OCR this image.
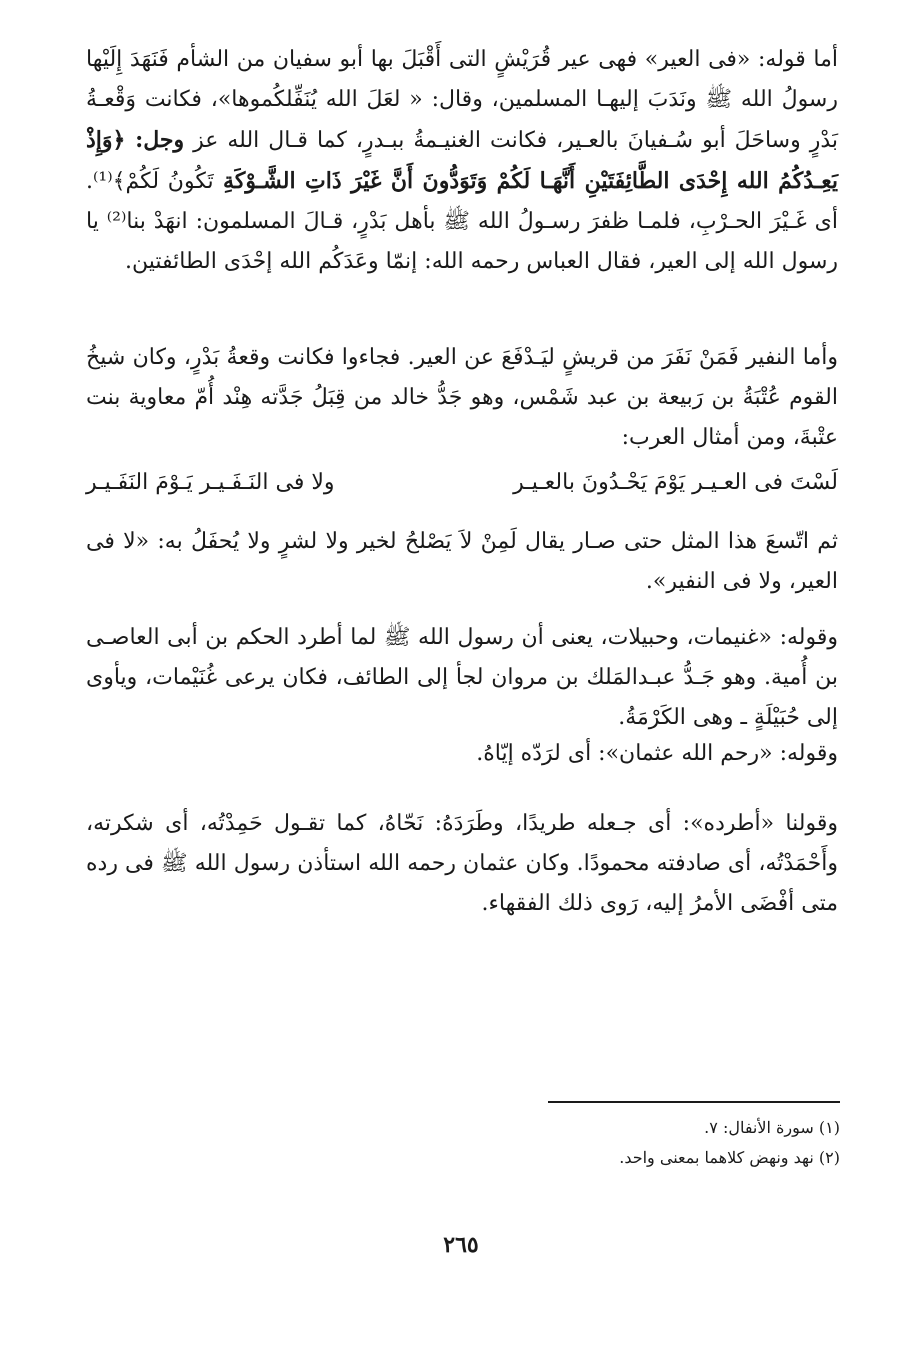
أما قوله: «فى العير» فهى عير قُرَيْشٍ التى أَقْبَلَ بها أبو سفيان من الشأم فَنَهَدَ إِلَيْها رسولُ الله ﷺ ونَدَبَ إليهـا المسلمين، وقال: « لعَلَ الله يُنَفِّلكُموها»، فكانت وَقْعـةُ بَدْرٍ وساحَلَ أبو سُـفيانَ بالعـير، فكانت الغنيـمةُ ببـدرٍ، كما قـال الله عز وجل: ﴿وَإِذْ يَعِـدُكُمُ الله إِحْدَى الطَّائِفَتَيْنِ أَنَّهَـا لَكُمْ وَتَوَدُّونَ أَنَّ غَيْرَ ذَاتِ الشَّـوْكَةِ تَكُونُ لَكُمْ﴾⁽¹⁾. أى غَـيْرَ الحـرْبِ، فلمـا ظفرَ رسـولُ الله ﷺ بأهل بَدْرٍ، قـالَ المسلمون: انهَدْ بنا⁽²⁾ يا رسول الله إلى العير، فقال العباس رحمه الله: إنمّا وعَدَكُم الله إحْدَى الطائفتين.

وأما النفير فَمَنْ نَفَرَ من قريشٍ ليَـدْفَعَ عن العير. فجاءوا فكانت وقعةُ بَدْرٍ، وكان شيخُ القوم عُتْبَةُ بن رَبيعة بن عبد شَمْس، وهو جَدُّ خالد من قِبَلُ جَدَّته هِنْد أُمّ معاوية بنت عتْبةَ، ومن أمثال العرب:

لَسْتَ فى العـيـر يَوْمَ يَحْـدُونَ بالعـيـر
ولا فى النَـفَـيـر يَـوْمَ النَفَـيـر

ثم اتّسعَ هذا المثل حتى صـار يقال لَمِنْ لاَ يَصْلحُ لخير ولا لشرٍ ولا يُحفَلُ به: «لا فى العير، ولا فى النفير».

وقوله: «غنيمات، وحبيلات، يعنى أن رسول الله ﷺ لما أطرد الحكم بن أبى العاصـى بن أُمية. وهو جَـدُّ عبـدالمَلك بن مروان لجأ إلى الطائف، فكان يرعى غُنَيْمات، ويأوى إلى حُبَيْلَةٍ ـ وهى الكَرْمَةُ.

وقوله: «رحم الله عثمان»: أى لرَدّه إيّاهُ.

وقولنا «أطرده»: أى جـعله طريدًا، وطَرَدَهُ: نَحّاهُ، كما تقـول حَمِدْتُه، أى شكرته، وأَحْمَدْتُه، أى صادفته محمودًا. وكان عثمان رحمه الله استأذن رسول الله ﷺ فى رده متى أفْضَى الأمرُ إليه، رَوى ذلك الفقهاء.

(١) سورة الأنفال: ٧.

(٢) نهد ونهض كلاهما بمعنى واحد.

٢٦٥
